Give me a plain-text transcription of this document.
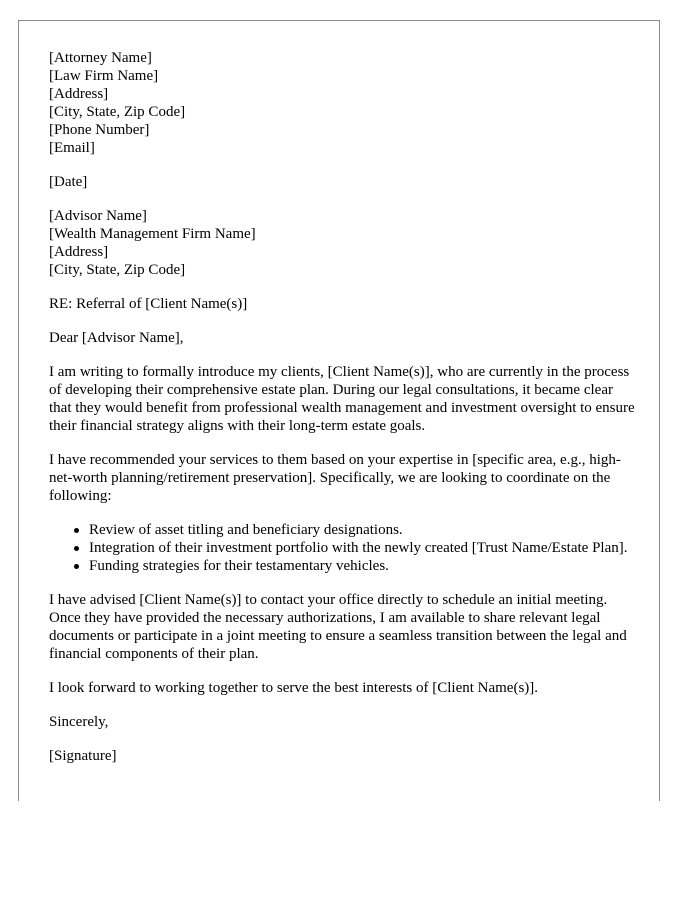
[Attorney Name]
[Law Firm Name]
[Address]
[City, State, Zip Code]
[Phone Number]
[Email]
[Date]
[Advisor Name]
[Wealth Management Firm Name]
[Address]
[City, State, Zip Code]

RE: Referral of [Client Name(s)]

Dear [Advisor Name],

I am writing to formally introduce my clients, [Client Name(s)], who are currently in the process of developing their comprehensive estate plan. During our legal consultations, it became clear that they would benefit from professional wealth management and investment oversight to ensure their financial strategy aligns with their long-term estate goals.

I have recommended your services to them based on your expertise in [specific area, e.g., high-net-worth planning/retirement preservation]. Specifically, we are looking to coordinate on the following:

Review of asset titling and beneficiary designations.
Integration of their investment portfolio with the newly created [Trust Name/Estate Plan].
Funding strategies for their testamentary vehicles.

I have advised [Client Name(s)] to contact your office directly to schedule an initial meeting. Once they have provided the necessary authorizations, I am available to share relevant legal documents or participate in a joint meeting to ensure a seamless transition between the legal and financial components of their plan.

I look forward to working together to serve the best interests of [Client Name(s)].

Sincerely,

[Signature]
